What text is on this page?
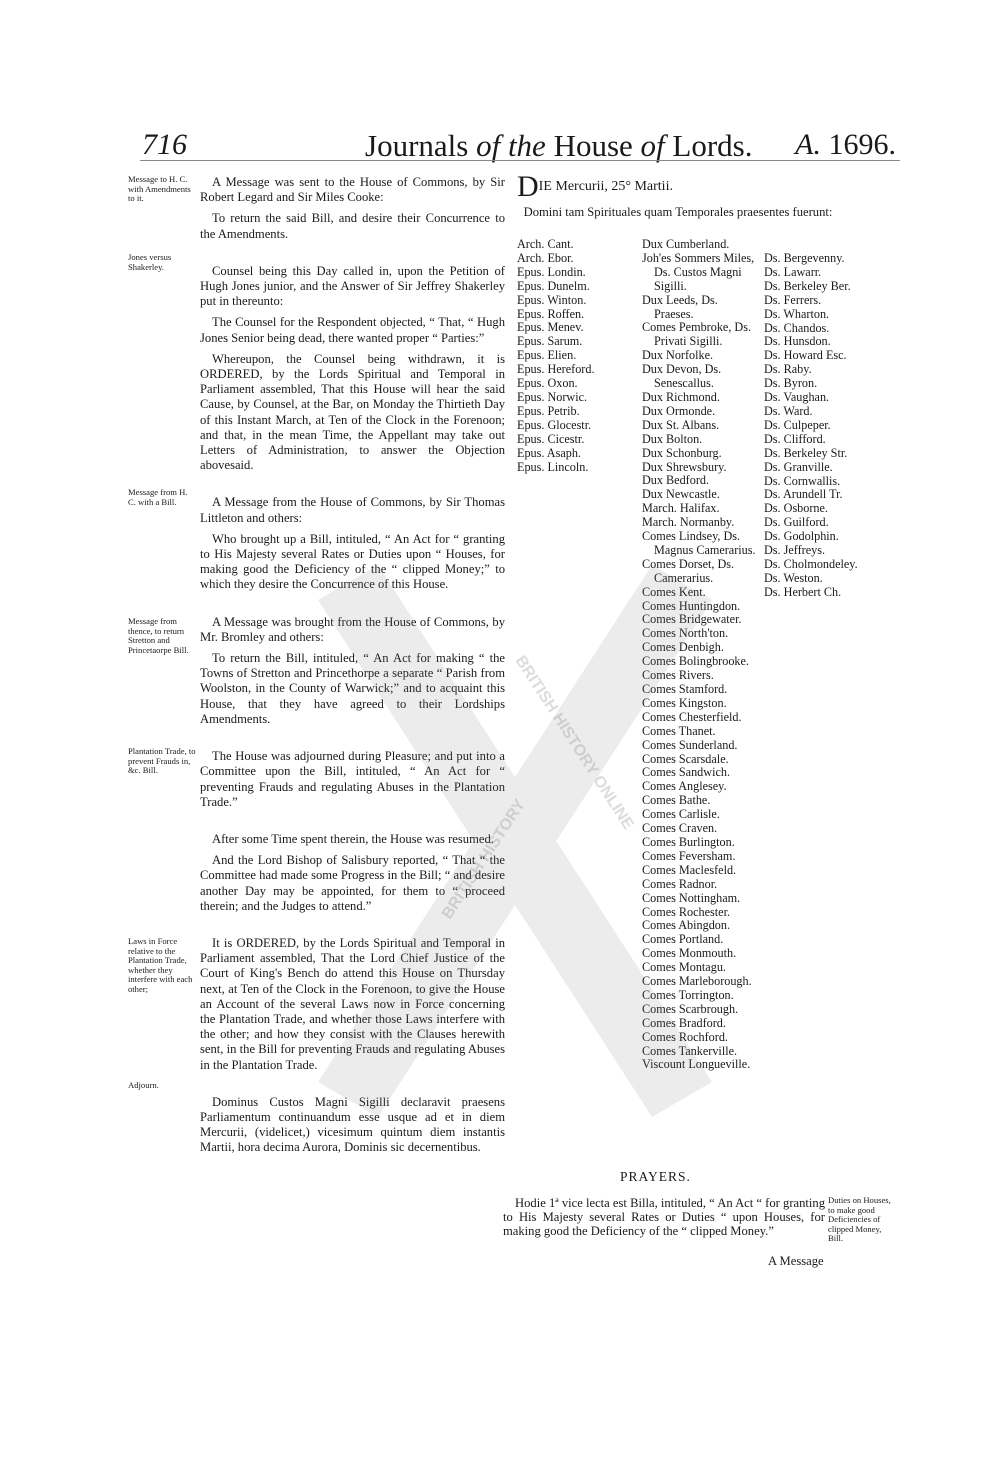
716	Journals of the House of Lords. A. 1696.
Message to H. C. with Amendments to it.
Jones versus Shakerley.
Message from H. C. with a Bill.
Message from thence, to return Stretton and Princetaorpe Bill.
Plantation Trade, to prevent Frauds in, &c. Bill.
Laws in Force relative to the Plantation Trade, whether they interfere with each other;
Adjourn.

A Message was sent to the House of Commons, by Sir Robert Legard and Sir Miles Cooke:

To return the said Bill, and desire their Concurrence to the Amendments.

Counsel being this Day called in, upon the Petition of Hugh Jones junior, and the Answer of Sir Jeffrey Shakerley put in thereunto:

The Counsel for the Respondent objected, “ That, “ Hugh Jones Senior being dead, there wanted proper “ Parties:”

Whereupon, the Counsel being withdrawn, it is ORDERED, by the Lords Spiritual and Temporal in Parliament assembled, That this House will hear the said Cause, by Counsel, at the Bar, on Monday the Thirtieth Day of this Instant March, at Ten of the Clock in the Forenoon; and that, in the mean Time, the Appellant may take out Letters of Administration, to answer the Objection abovesaid.

A Message from the House of Commons, by Sir Thomas Littleton and others:

Who brought up a Bill, intituled, “ An Act for “ granting to His Majesty several Rates or Duties upon “ Houses, for making good the Deficiency of the “ clipped Money;” to which they desire the Concurrence of this House.

A Message was brought from the House of Commons, by Mr. Bromley and others:

To return the Bill, intituled, “ An Act for making “ the Towns of Stretton and Princethorpe a separate “ Parish from Woolston, in the County of Warwick;” and to acquaint this House, that they have agreed to their Lordships Amendments.

The House was adjourned during Pleasure; and put into a Committee upon the Bill, intituled, “ An Act for “ preventing Frauds and regulating Abuses in the Plantation Trade.”

After some Time spent therein, the House was resumed.

And the Lord Bishop of Salisbury reported, “ That “ the Committee had made some Progress in the Bill; “ and desire another Day may be appointed, for them to “ proceed therein; and the Judges to attend.”

It is ORDERED, by the Lords Spiritual and Temporal in Parliament assembled, That the Lord Chief Justice of the Court of King's Bench do attend this House on Thursday next, at Ten of the Clock in the Forenoon, to give the House an Account of the several Laws now in Force concerning the Plantation Trade, and whether those Laws interfere with the other; and how they consist with the Clauses herewith sent, in the Bill for preventing Frauds and regulating Abuses in the Plantation Trade.

Dominus Custos Magni Sigilli declaravit praesens Parliamentum continuandum esse usque ad et in diem Mercurii, (videlicet,) vicesimum quintum diem instantis Martii, hora decima Aurora, Dominis sic decernentibus.

DIE Mercurii, 25° Martii.
Domini tam Spirituales quam Temporales praesentes fuerunt:
Arch. Cant.
Arch. Ebor.
Epus. Londin.
Epus. Dunelm.
Epus. Winton.
Epus. Roffen.
Epus. Menev.
Epus. Sarum.
Epus. Elien.
Epus. Hereford.
Epus. Oxon.
Epus. Norwic.
Epus. Petrib.
Epus. Glocestr.
Epus. Cicestr.
Epus. Asaph.
Epus. Lincoln.
Dux Cumberland.
Joh'es Sommers Miles,
Ds. Custos Magni
Sigilli.
Dux Leeds, Ds.
Praeses.
Comes Pembroke, Ds.
Privati Sigilli.
Dux Norfolke.
Dux Devon, Ds.
Senescallus.
Dux Richmond.
Dux Ormonde.
Dux St. Albans.
Dux Bolton.
Dux Schonburg.
Dux Shrewsbury.
Dux Bedford.
Dux Newcastle.
March. Halifax.
March. Normanby.
Comes Lindsey, Ds.
Magnus Camerarius.
Comes Dorset, Ds.
Camerarius.
Comes Kent.
Comes Huntingdon.
Comes Bridgewater.
Comes North'ton.
Comes Denbigh.
Comes Bolingbrooke.
Comes Rivers.
Comes Stamford.
Comes Kingston.
Comes Chesterfield.
Comes Thanet.
Comes Sunderland.
Comes Scarsdale.
Comes Sandwich.
Comes Anglesey.
Comes Bathe.
Comes Carlisle.
Comes Craven.
Comes Burlington.
Comes Feversham.
Comes Maclesfeld.
Comes Radnor.
Comes Nottingham.
Comes Rochester.
Comes Abingdon.
Comes Portland.
Comes Monmouth.
Comes Montagu.
Comes Marleborough.
Comes Torrington.
Comes Scarbrough.
Comes Bradford.
Comes Rochford.
Comes Tankerville.
Viscount Longueville.
Ds. Bergevenny.
Ds. Lawarr.
Ds. Berkeley Ber.
Ds. Ferrers.
Ds. Wharton.
Ds. Chandos.
Ds. Hunsdon.
Ds. Howard Esc.
Ds. Raby.
Ds. Byron.
Ds. Vaughan.
Ds. Ward.
Ds. Culpeper.
Ds. Clifford.
Ds. Berkeley Str.
Ds. Granville.
Ds. Cornwallis.
Ds. Arundell Tr.
Ds. Osborne.
Ds. Guilford.
Ds. Godolphin.
Ds. Jeffreys.
Ds. Cholmondeley.
Ds. Weston.
Ds. Herbert Ch.
PRAYERS.

Hodie 1ª vice lecta est Billa, intituled, “ An Act “ for granting to His Majesty several Rates or Duties “ upon Houses, for making good the Deficiency of the “ clipped Money.”

Duties on Houses, to make good Deficiencies of clipped Money, Bill.
A Message
BRITISH HISTORY ONLINE
BRITISH HISTORY
